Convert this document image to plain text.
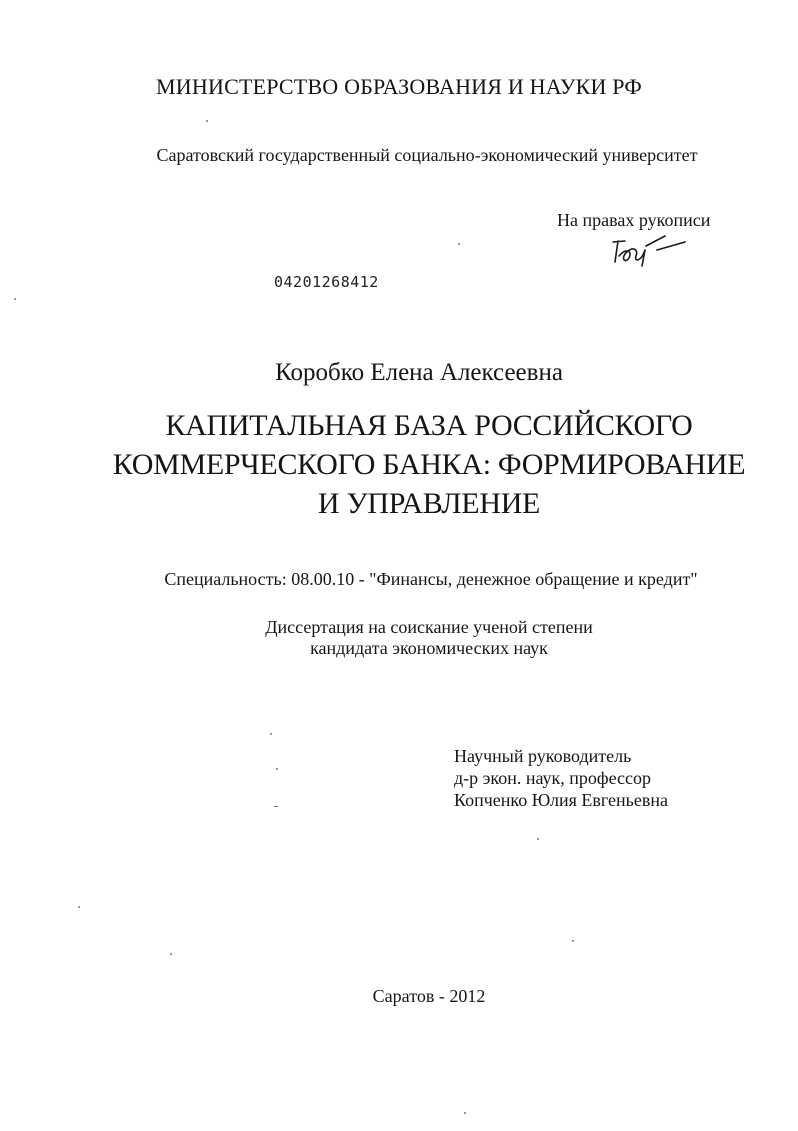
МИНИСТЕРСТВО ОБРАЗОВАНИЯ И НАУКИ РФ
Саратовский государственный социально-экономический университет
На правах рукописи
04201268412
Коробко Елена Алексеевна
КАПИТАЛЬНАЯ БАЗА РОССИЙСКОГО
КОММЕРЧЕСКОГО БАНКА: ФОРМИРОВАНИЕ
И УПРАВЛЕНИЕ
Специальность: 08.00.10 - "Финансы, денежное обращение и кредит"
Диссертация на соискание ученой степени
кандидата экономических наук
Научный руководитель
д-р экон. наук, профессор
Копченко Юлия Евгеньевна
Саратов - 2012
